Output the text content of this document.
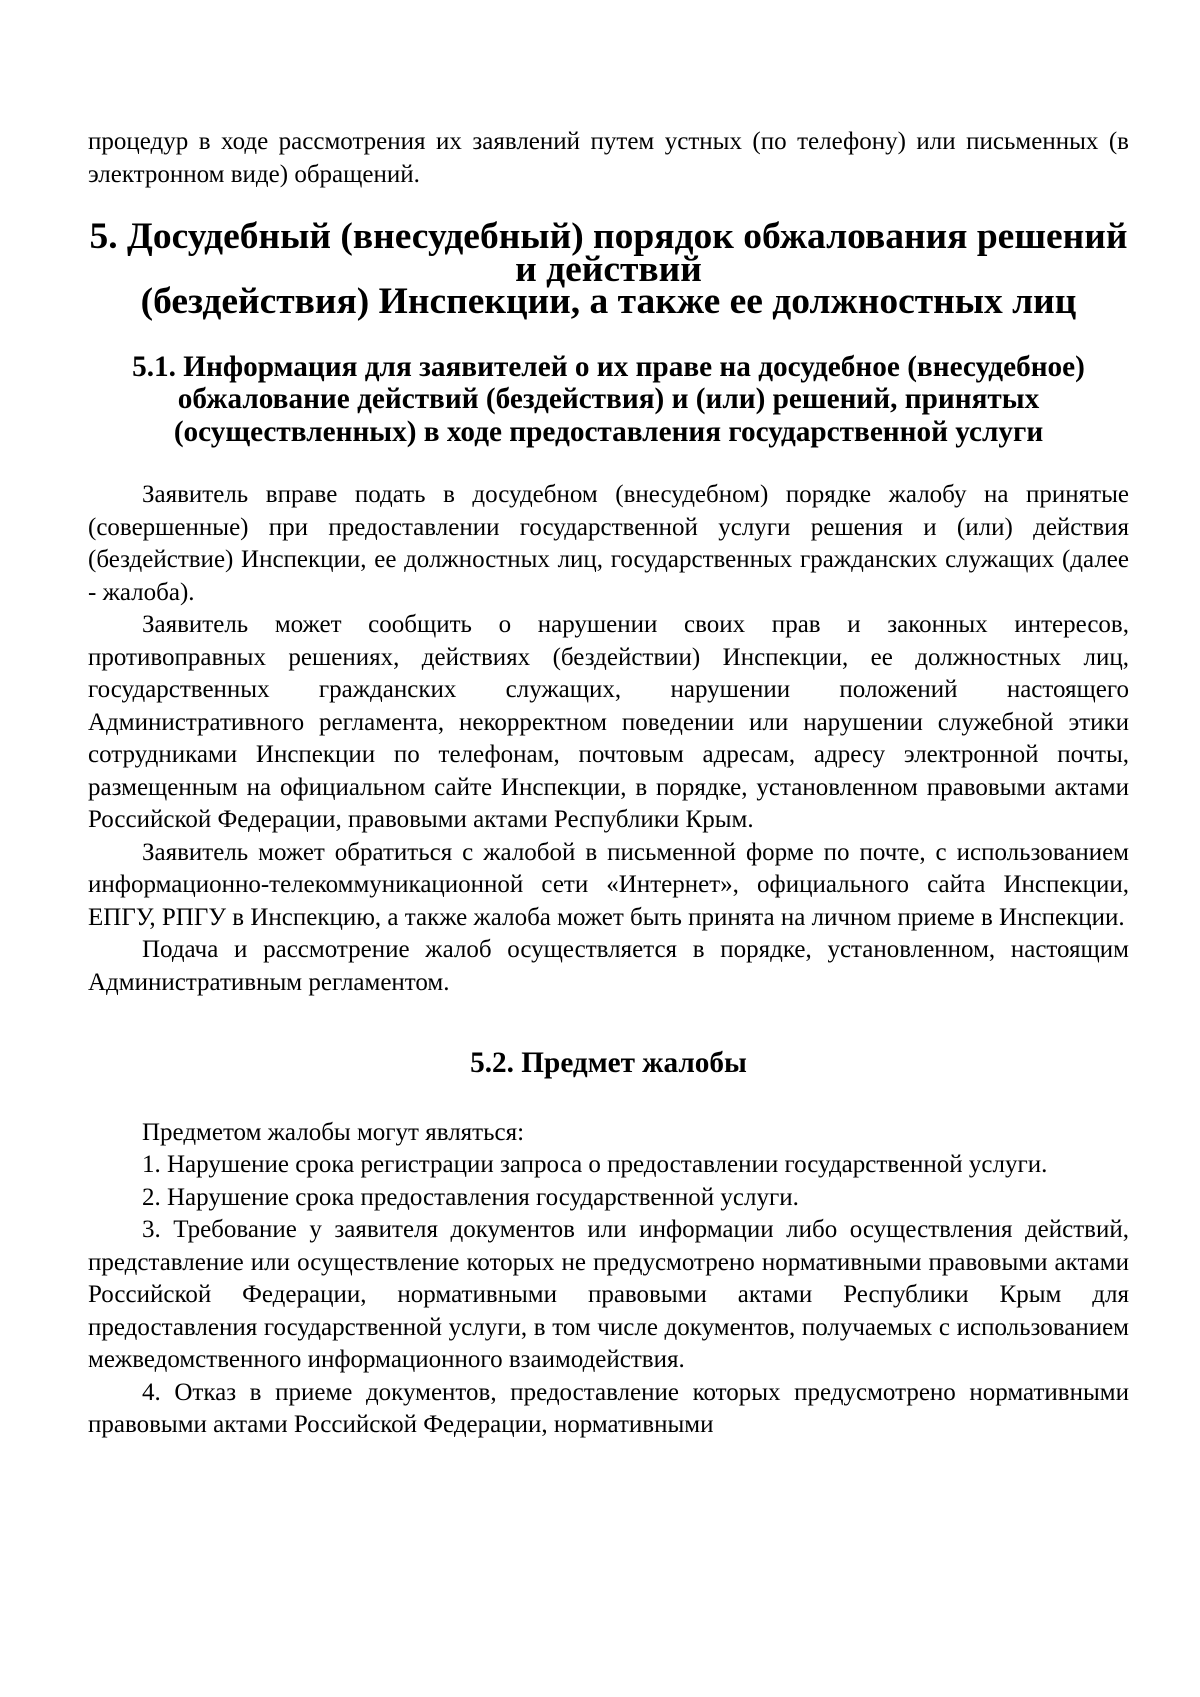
процедур в ходе рассмотрения их заявлений путем устных (по телефону) или письменных (в электронном виде) обращений.

5. Досудебный (внесудебный) порядок обжалования решений и действий
(бездействия) Инспекции, а также ее должностных лиц
5.1. Информация для заявителей о их праве на досудебное (внесудебное)
обжалование действий (бездействия) и (или) решений, принятых
(осуществленных) в ходе предоставления государственной услуги

Заявитель вправе подать в досудебном (внесудебном) порядке жалобу на принятые (совершенные) при предоставлении государственной услуги решения и (или) действия (бездействие) Инспекции, ее должностных лиц, государственных гражданских служащих (далее - жалоба).

Заявитель может сообщить о нарушении своих прав и законных интересов, противоправных решениях, действиях (бездействии) Инспекции, ее должностных лиц, государственных гражданских служащих, нарушении положений настоящего Административного регламента, некорректном поведении или нарушении служебной этики сотрудниками Инспекции по телефонам, почтовым адресам, адресу электронной почты, размещенным на официальном сайте Инспекции, в порядке, установленном правовыми актами Российской Федерации, правовыми актами Республики Крым.

Заявитель может обратиться с жалобой в письменной форме по почте, с использованием информационно-телекоммуникационной сети «Интернет», официального сайта Инспекции, ЕПГУ, РПГУ в Инспекцию, а также жалоба может быть принята на личном приеме в Инспекции.

Подача и рассмотрение жалоб осуществляется в порядке, установленном, настоящим Административным регламентом.

5.2. Предмет жалобы

Предметом жалобы могут являться:

1. Нарушение срока регистрации запроса о предоставлении государственной услуги.

2. Нарушение срока предоставления государственной услуги.

3. Требование у заявителя документов или информации либо осуществления действий, представление или осуществление которых не предусмотрено нормативными правовыми актами Российской Федерации, нормативными правовыми актами Республики Крым для предоставления государственной услуги, в том числе документов, получаемых с использованием межведомственного информационного взаимодействия.

4. Отказ в приеме документов, предоставление которых предусмотрено нормативными правовыми актами Российской Федерации, нормативными
